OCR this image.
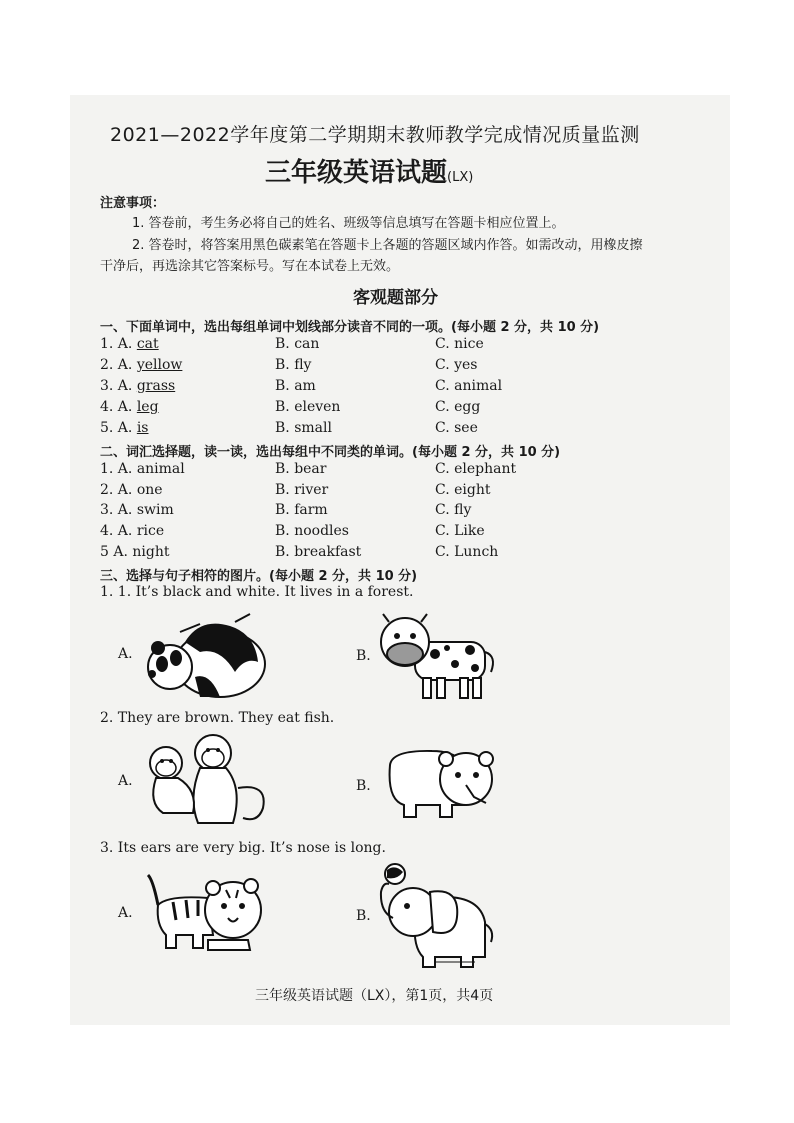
2021—2022学年度第二学期期末教师教学完成情况质量监测
三年级英语试题(LX)
注意事项：
1. 答卷前，考生务必将自己的姓名、班级等信息填写在答题卡相应位置上。
2. 答卷时，将答案用黑色碳素笔在答题卡上各题的答题区域内作答。如需改动，用橡皮擦
干净后，再选涂其它答案标号。写在本试卷上无效。
客观题部分
一、下面单词中，选出每组单词中划线部分读音不同的一项。(每小题 2 分，共 10 分)
1. A. cat	B. can	C. nice
2. A. yellow	B. fly	C. yes
3. A. grass	B. am	C. animal
4. A. leg	B. eleven	C. egg
5. A. is	B. small	C. see
二、词汇选择题，读一读，选出每组中不同类的单词。(每小题 2 分，共 10 分)
1. A. animal	B. bear	C. elephant
2. A. one	B. river	C. eight
3. A. swim	B. farm	C. fly
4. A. rice	B. noodles	C. Like
5 A. night	B. breakfast	C. Lunch
三、选择与句子相符的图片。(每小题 2 分，共 10 分)
1. 1. It’s black and white. It lives in a forest.
A.	B.
2. They are brown. They eat fish.
A.	B.
3. Its ears are very big. It’s nose is long.
A.	B.
三年级英语试题（LX），第1页，共4页
